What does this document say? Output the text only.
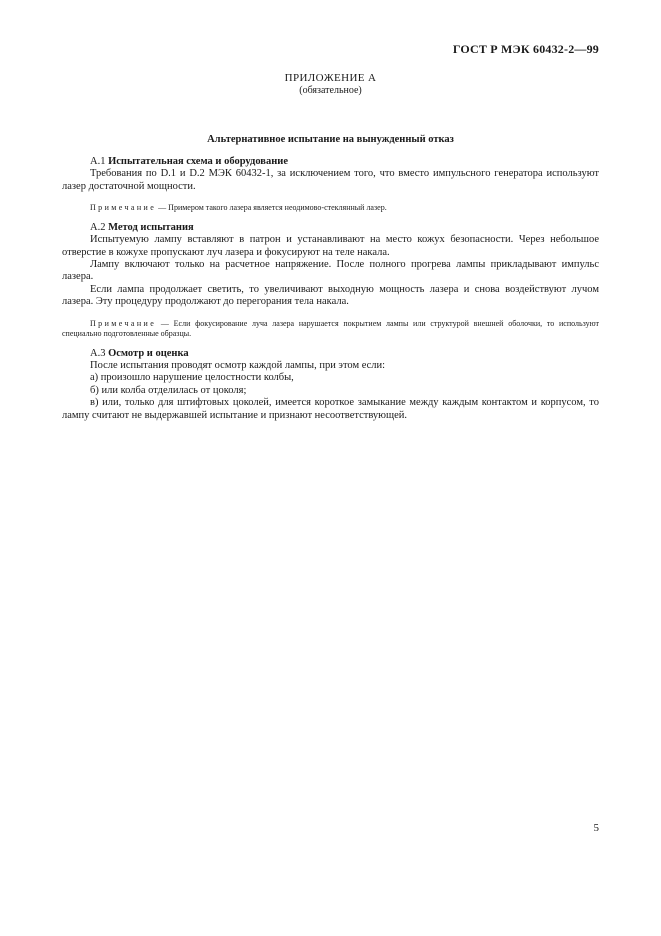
ГОСТ Р МЭК 60432-2—99
ПРИЛОЖЕНИЕ А
(обязательное)
Альтернативное испытание на вынужденный отказ

А.1 Испытательная схема и оборудование

Требования по D.1 и D.2 МЭК 60432-1, за исключением того, что вместо импульсного генератора используют лазер достаточной мощности.

Примечание — Примером такого лазера является неодимово-стеклянный лазер.

А.2 Метод испытания

Испытуемую лампу вставляют в патрон и устанавливают на место кожух безопасности. Через небольшое отверстие в кожухе пропускают луч лазера и фокусируют на теле накала.

Лампу включают только на расчетное напряжение. После полного прогрева лампы прикладывают импульс лазера.

Если лампа продолжает светить, то увеличивают выходную мощность лазера и снова воздействуют лучом лазера. Эту процедуру продолжают до перегорания тела накала.

Примечание — Если фокусирование луча лазера нарушается покрытием лампы или структурой внешней оболочки, то используют специально подготовленные образцы.

А.3 Осмотр и оценка

После испытания проводят осмотр каждой лампы, при этом если:

а) произошло нарушение целостности колбы,

б) или колба отделилась от цоколя;

в) или, только для штифтовых цоколей, имеется короткое замыкание между каждым контактом и корпусом, то лампу считают не выдержавшей испытание и признают несоответствующей.

5
